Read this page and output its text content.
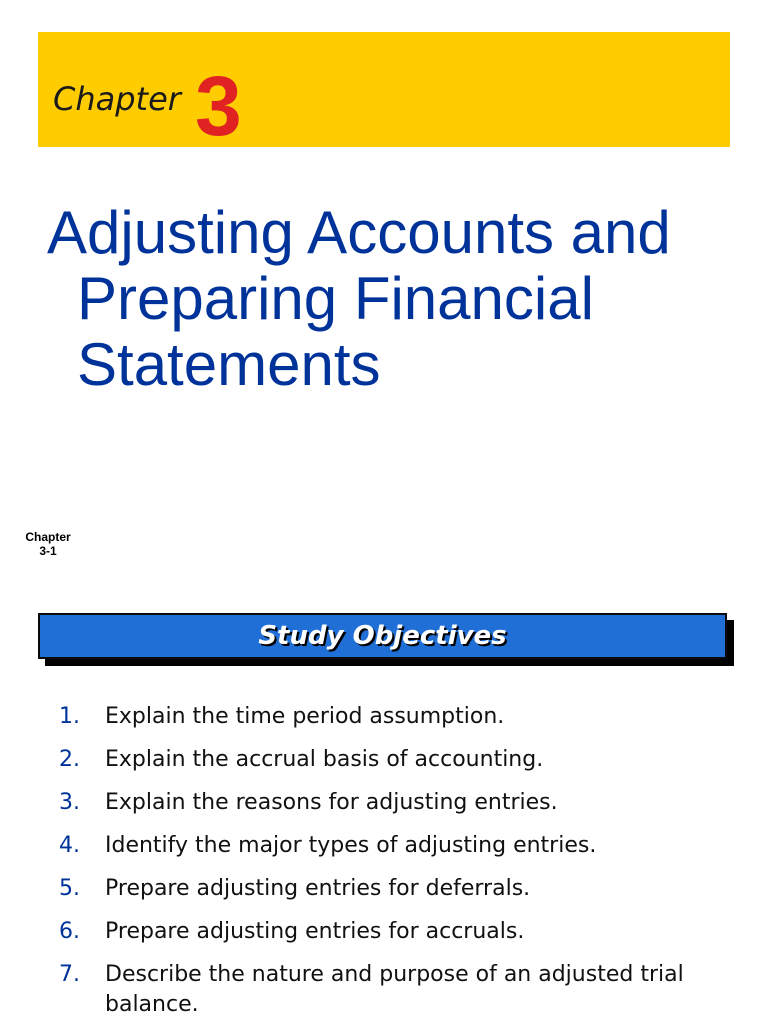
Chapter 3
Adjusting Accounts and
Preparing Financial
Statements
Chapter
3-1
Study Objectives
1. Explain the time period assumption.
2. Explain the accrual basis of accounting.
3. Explain the reasons for adjusting entries.
4. Identify the major types of adjusting entries.
5. Prepare adjusting entries for deferrals.
6. Prepare adjusting entries for accruals.
7. Describe the nature and purpose of an adjusted trial balance.
